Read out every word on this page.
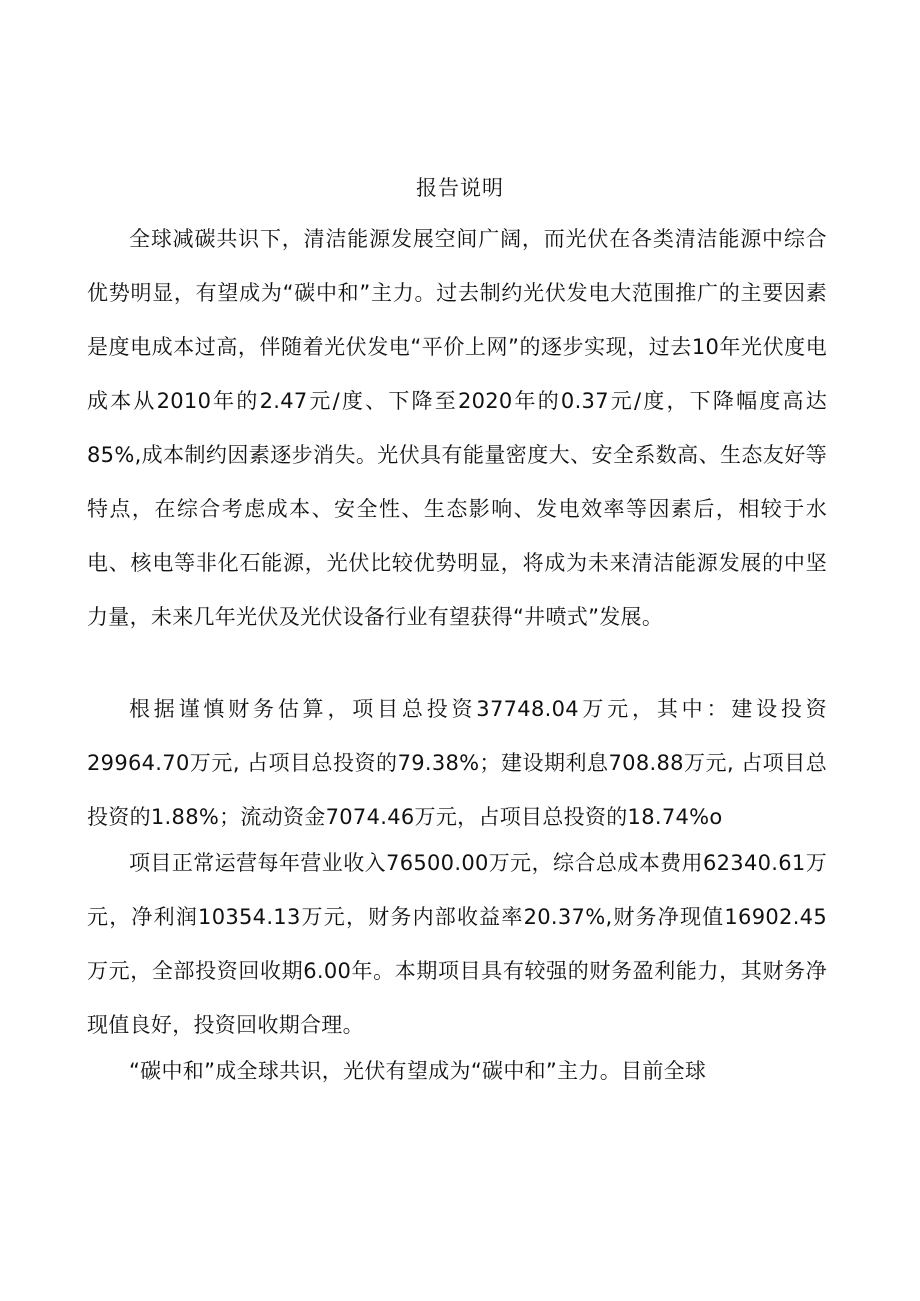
报告说明

全球减碳共识下，清洁能源发展空间广阔，而光伏在各类清洁能源中综合优势明显，有望成为“碳中和”主力。过去制约光伏发电大范围推广的主要因素是度电成本过高，伴随着光伏发电“平价上网”的逐步实现，过去10年光伏度电成本从2010年的2.47元/度、下降至2020年的0.37元/度，下降幅度高达85%,成本制约因素逐步消失。光伏具有能量密度大、安全系数高、生态友好等特点，在综合考虑成本、安全性、生态影响、发电效率等因素后，相较于水电、核电等非化石能源，光伏比较优势明显，将成为未来清洁能源发展的中坚力量，未来几年光伏及光伏设备行业有望获得“井喷式”发展。

根据谨慎财务估算，项目总投资37748.04万元，其中：建设投资29964.70万元, 占项目总投资的79.38%；建设期利息708.88万元, 占项目总投资的1.88%；流动资金7074.46万元，占项目总投资的18.74%o

项目正常运营每年营业收入76500.00万元，综合总成本费用62340.61万元，净利润10354.13万元，财务内部收益率20.37%,财务净现值16902.45万元，全部投资回收期6.00年。本期项目具有较强的财务盈利能力，其财务净现值良好，投资回收期合理。

“碳中和”成全球共识，光伏有望成为“碳中和”主力。目前全球
